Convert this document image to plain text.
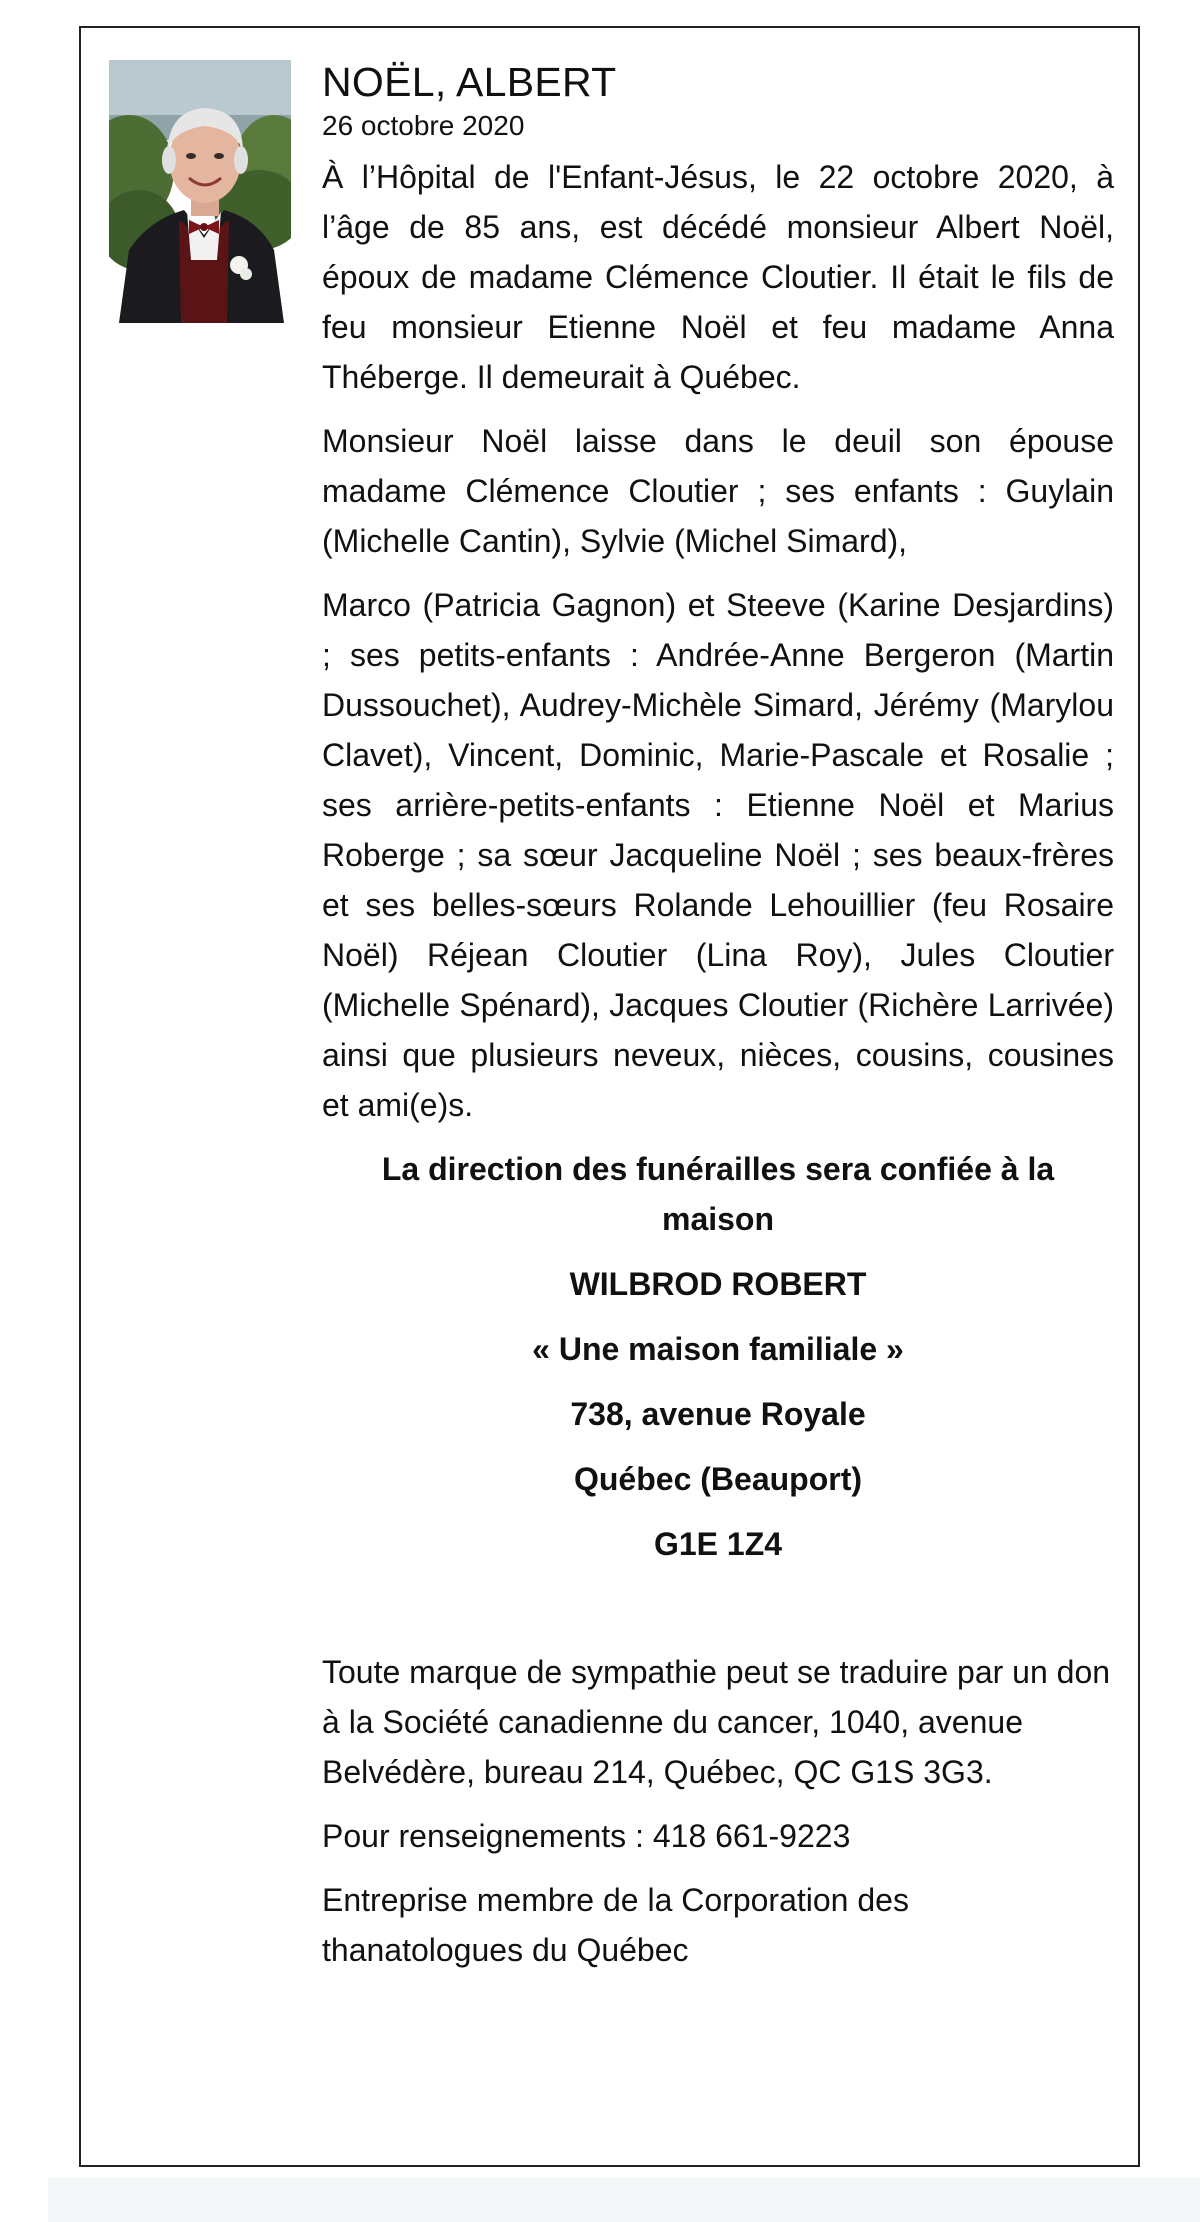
NOËL, ALBERT

26 octobre 2020

À l’Hôpital de l'Enfant-Jésus, le 22 octobre 2020, à l’âge de 85 ans, est décédé monsieur Albert Noël, époux de madame Clémence Cloutier. Il était le fils de feu monsieur Etienne Noël et feu madame Anna Théberge. Il demeurait à Québec.

Monsieur Noël laisse dans le deuil son épouse madame Clémence Cloutier ; ses enfants : Guylain (Michelle Cantin), Sylvie (Michel Simard),

Marco (Patricia Gagnon) et Steeve (Karine Desjardins) ; ses petits-enfants : Andrée-Anne Bergeron (Martin Dussouchet), Audrey-Michèle Simard, Jérémy (Marylou Clavet), Vincent, Dominic, Marie-Pascale et Rosalie ; ses arrière-petits-enfants : Etienne Noël et Marius Roberge ; sa sœur Jacqueline Noël ; ses beaux-frères et ses belles-sœurs Rolande Lehouillier (feu Rosaire Noël) Réjean Cloutier (Lina Roy), Jules Cloutier (Michelle Spénard), Jacques Cloutier (Richère Larrivée) ainsi que plusieurs neveux, nièces, cousins, cousines et ami(e)s.

La direction des funérailles sera confiée à la maison

WILBROD ROBERT

« Une maison familiale »

738, avenue Royale

Québec (Beauport)

G1E 1Z4

Toute marque de sympathie peut se traduire par un don à la Société canadienne du cancer, 1040, avenue Belvédère, bureau 214, Québec, QC G1S 3G3.

Pour renseignements : 418 661-9223

Entreprise membre de la Corporation des thanatologues du Québec
